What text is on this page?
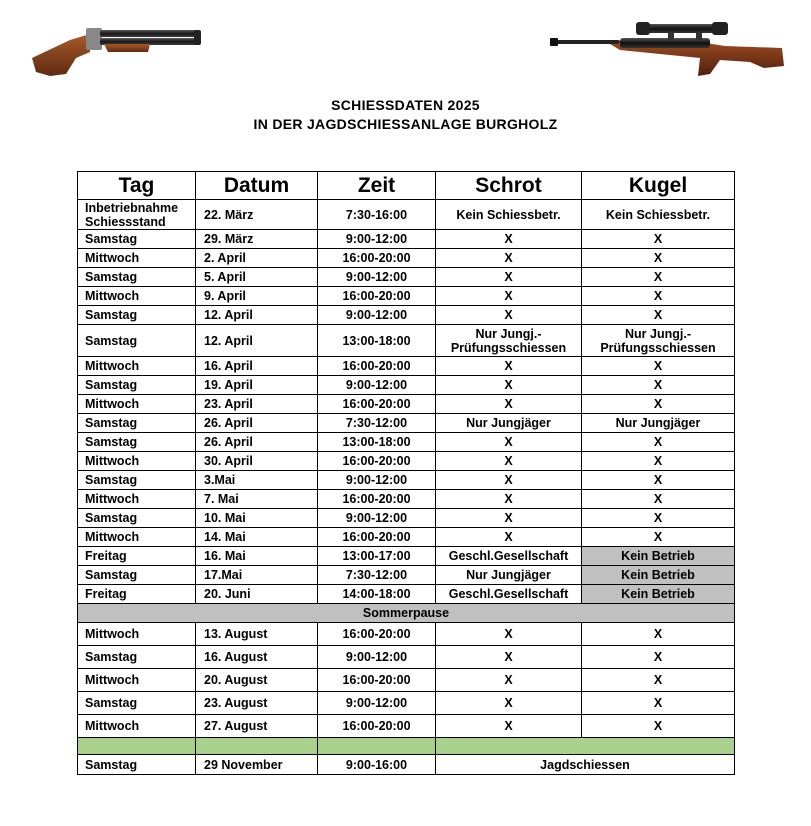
SCHIESSDATEN 2025
IN DER JAGDSCHIESSANLAGE BURGHOLZ
Tag	Datum	Zeit	Schrot	Kugel
Inbetriebnahme Schiessstand	22. März	7:30-16:00	Kein Schiessbetr.	Kein Schiessbetr.
Samstag	29. März	9:00-12:00	X	X
Mittwoch	2. April	16:00-20:00	X	X
Samstag	5. April	9:00-12:00	X	X
Mittwoch	9. April	16:00-20:00	X	X
Samstag	12. April	9:00-12:00	X	X
Samstag	12. April	13:00-18:00	Nur Jungj.- Prüfungsschiessen	Nur Jungj.- Prüfungsschiessen
Mittwoch	16. April	16:00-20:00	X	X
Samstag	19. April	9:00-12:00	X	X
Mittwoch	23. April	16:00-20:00	X	X
Samstag	26. April	7:30-12:00	Nur Jungjäger	Nur Jungjäger
Samstag	26. April	13:00-18:00	X	X
Mittwoch	30. April	16:00-20:00	X	X
Samstag	3.Mai	9:00-12:00	X	X
Mittwoch	7. Mai	16:00-20:00	X	X
Samstag	10. Mai	9:00-12:00	X	X
Mittwoch	14. Mai	16:00-20:00	X	X
Freitag	16. Mai	13:00-17:00	Geschl.Gesellschaft	Kein Betrieb
Samstag	17.Mai	7:30-12:00	Nur Jungjäger	Kein Betrieb
Freitag	20. Juni	14:00-18:00	Geschl.Gesellschaft	Kein Betrieb
Sommerpause				
Mittwoch	13. August	16:00-20:00	X	X
Samstag	16. August	9:00-12:00	X	X
Mittwoch	20. August	16:00-20:00	X	X
Samstag	23. August	9:00-12:00	X	X
Mittwoch	27. August	16:00-20:00	X	X

Samstag	29 November	9:00-16:00	Jagdschiessen	
